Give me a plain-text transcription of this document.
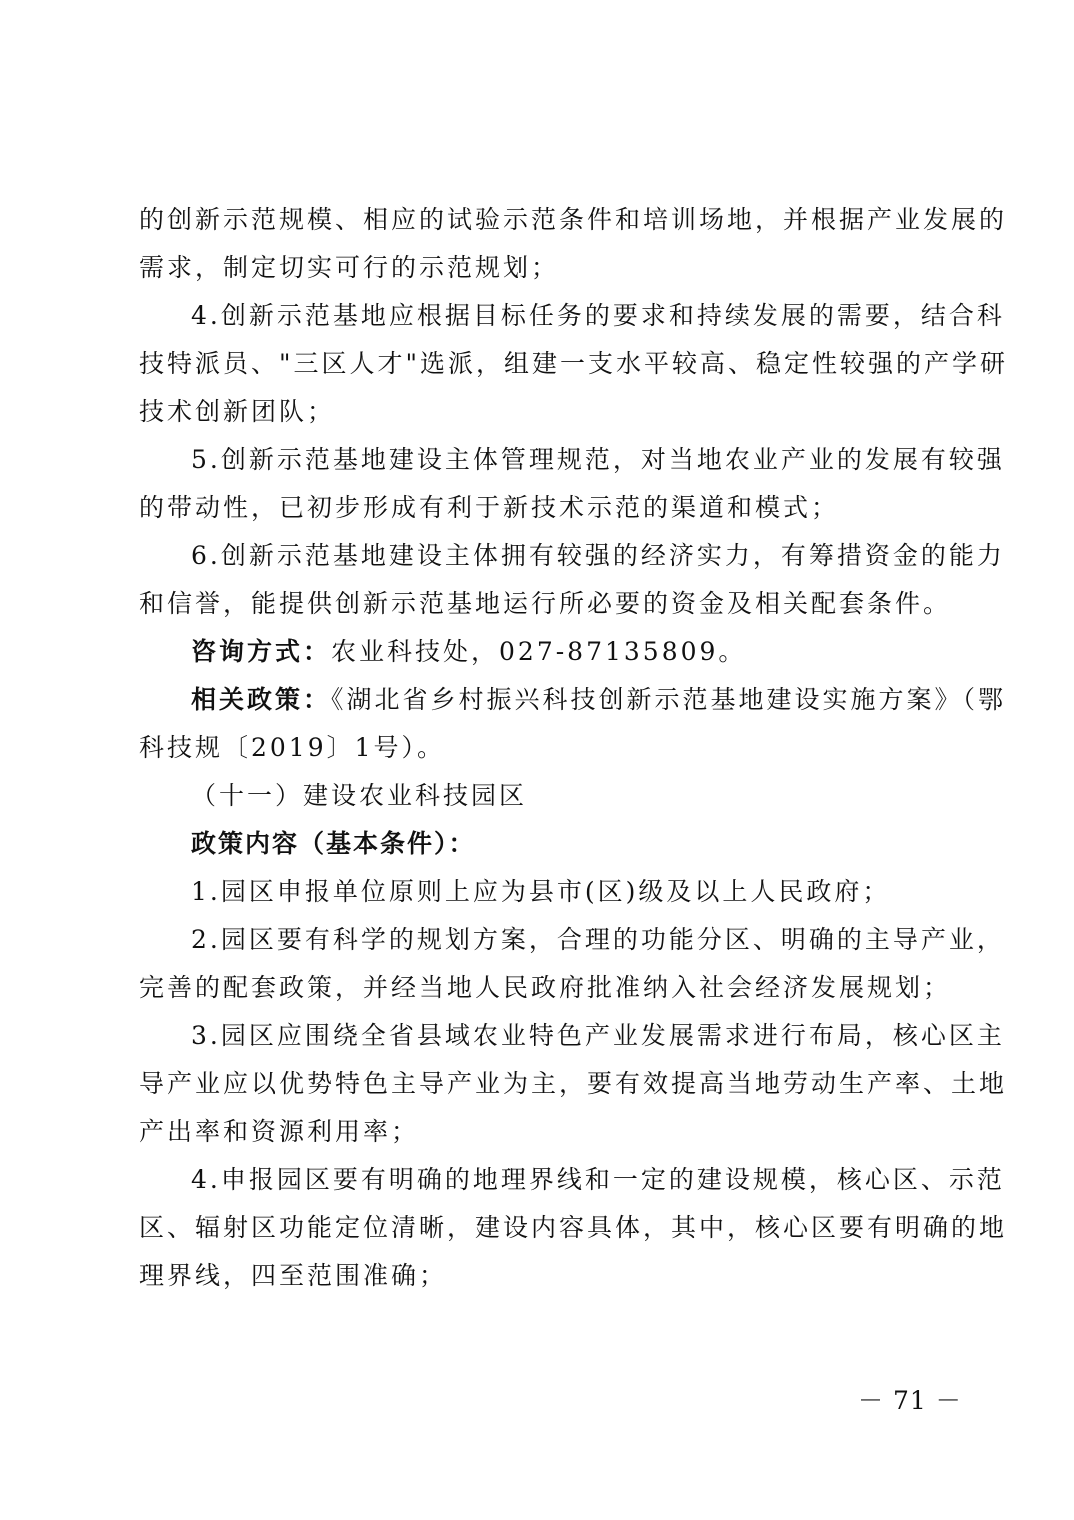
的创新示范规模、相应的试验示范条件和培训场地，并根据产业发展的
需求，制定切实可行的示范规划；
4.创新示范基地应根据目标任务的要求和持续发展的需要，结合科
技特派员、"三区人才"选派，组建一支水平较高、稳定性较强的产学研
技术创新团队；
5.创新示范基地建设主体管理规范，对当地农业产业的发展有较强
的带动性，已初步形成有利于新技术示范的渠道和模式；
6.创新示范基地建设主体拥有较强的经济实力，有筹措资金的能力
和信誉，能提供创新示范基地运行所必要的资金及相关配套条件。
咨询方式：农业科技处，027-87135809。
相关政策：《湖北省乡村振兴科技创新示范基地建设实施方案》（鄂
科技规〔2019〕1号）。
（十一）建设农业科技园区
政策内容（基本条件）：
1.园区申报单位原则上应为县市(区)级及以上人民政府；
2.园区要有科学的规划方案，合理的功能分区、明确的主导产业，
完善的配套政策，并经当地人民政府批准纳入社会经济发展规划；
3.园区应围绕全省县域农业特色产业发展需求进行布局，核心区主
导产业应以优势特色主导产业为主，要有效提高当地劳动生产率、土地
产出率和资源利用率；
4.申报园区要有明确的地理界线和一定的建设规模，核心区、示范
区、辐射区功能定位清晰，建设内容具体，其中，核心区要有明确的地
理界线，四至范围准确；
－ 71 －
